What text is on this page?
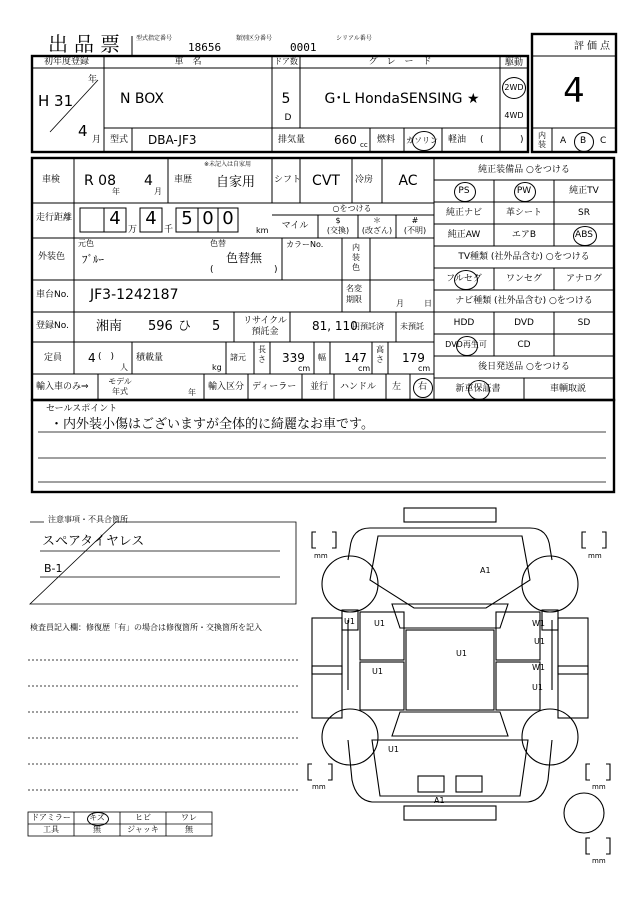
出品票 型式指定番号
18656
類別区分番号
0001
シリアル番号
評価点
4
初年度登録
H 31
年
4 月
車　名
N BOX
ドア数
5
D
グ　レ　ー　ド
G･L HondaSENSING ★
駆動
2WD
4WD
型式 DBA-JF3	排気量 660 cc 燃料 ガソリン 軽油 (	) 内装 A B C
車検 R 08
年
4
月
車歴
※未記入は自家用
自家用 シフト CVT 冷房 AC
走行距離 4
万
4
千
5 0 0
km
○をつける
マイル
$
(交換)
＊
(改ざん)
#
(不明)
外装色
元色
ﾌﾞﾙｰ
色替
色替無
(	)
カラーNo.	内装色
車台No. JF3-1242187	名変期限	月	日
登録No. 湘南 596 ひ 5	リサイクル預託金	81, 110
円預託済 未預託
定員 4 (　)
人
積載量
kg
諸元
長さ 339
cm
幅 147
cm
高さ 179
cm
輸入車のみ⇒
モデル年式	年
輸入区分 ディーラー 並行 ハンドル 左 右
純正装備品 ○をつける
PS	PW	純正TV
純正ナビ	革シート	SR
純正AW	エアB	ABS
TV種類 (社外品含む) ○をつける
フルセグ	ワンセグ	アナログ
ナビ種類 (社外品含む) ○をつける
HDD	DVD	SD
DVD再生可	CD
後日発送品 ○をつける
新車保証書	車輌取説
セールスポイント
・内外装小傷はございますが全体的に綺麗なお車です。
注意事項・不具合箇所
スペアタイヤレス
B-1
検査員記入欄：修復歴「有」の場合は修復箇所・交換箇所を記入
ドアミラー キズ	ヒビ	ワレ
工具	無	ジャッキ	無
mm	mm
mm	mm
mm
A1
U1 U1	W1
U1
U1
U1	W1
U1
U1
A1
